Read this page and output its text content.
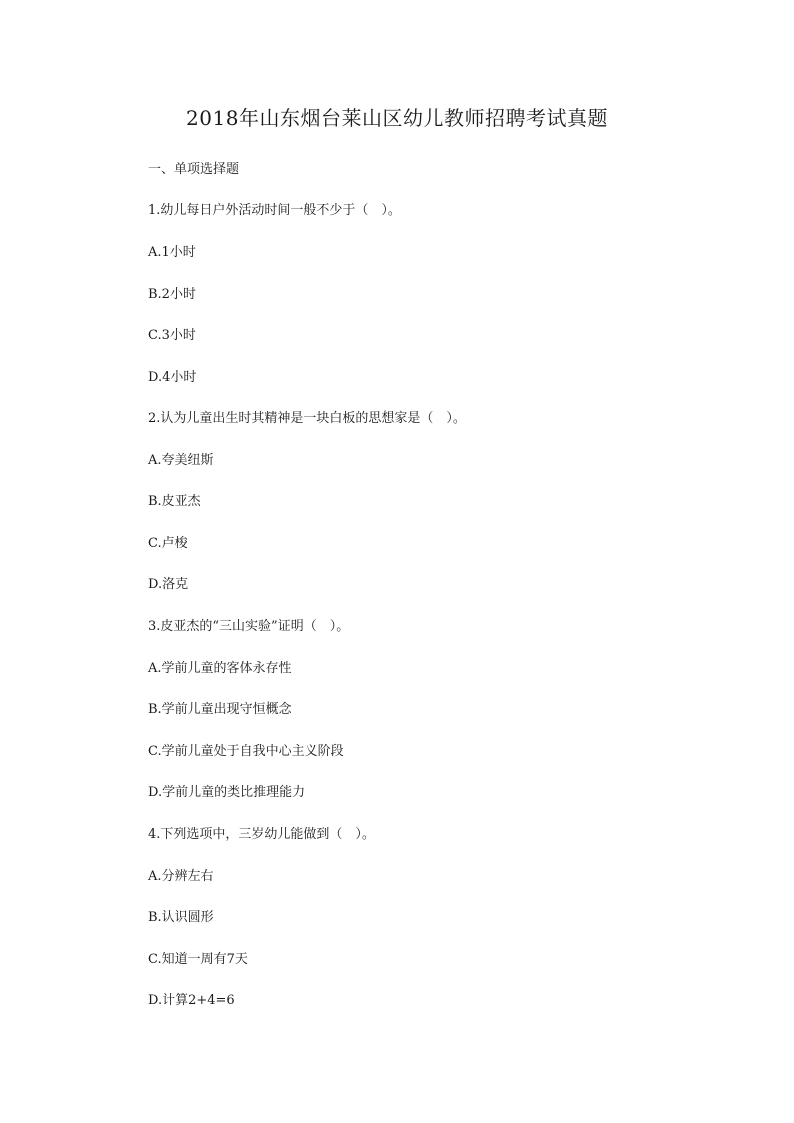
2018年山东烟台莱山区幼儿教师招聘考试真题
一、单项选择题
1.幼儿每日户外活动时间一般不少于（　）。
A.1小时
B.2小时
C.3小时
D.4小时
2.认为儿童出生时其精神是一块白板的思想家是（　）。
A.夸美纽斯
B.皮亚杰
C.卢梭
D.洛克
3.皮亚杰的“三山实验”证明（　）。
A.学前儿童的客体永存性
B.学前儿童出现守恒概念
C.学前儿童处于自我中心主义阶段
D.学前儿童的类比推理能力
4.下列选项中，三岁幼儿能做到（　）。
A.分辨左右
B.认识圆形
C.知道一周有7天
D.计算2+4=6
